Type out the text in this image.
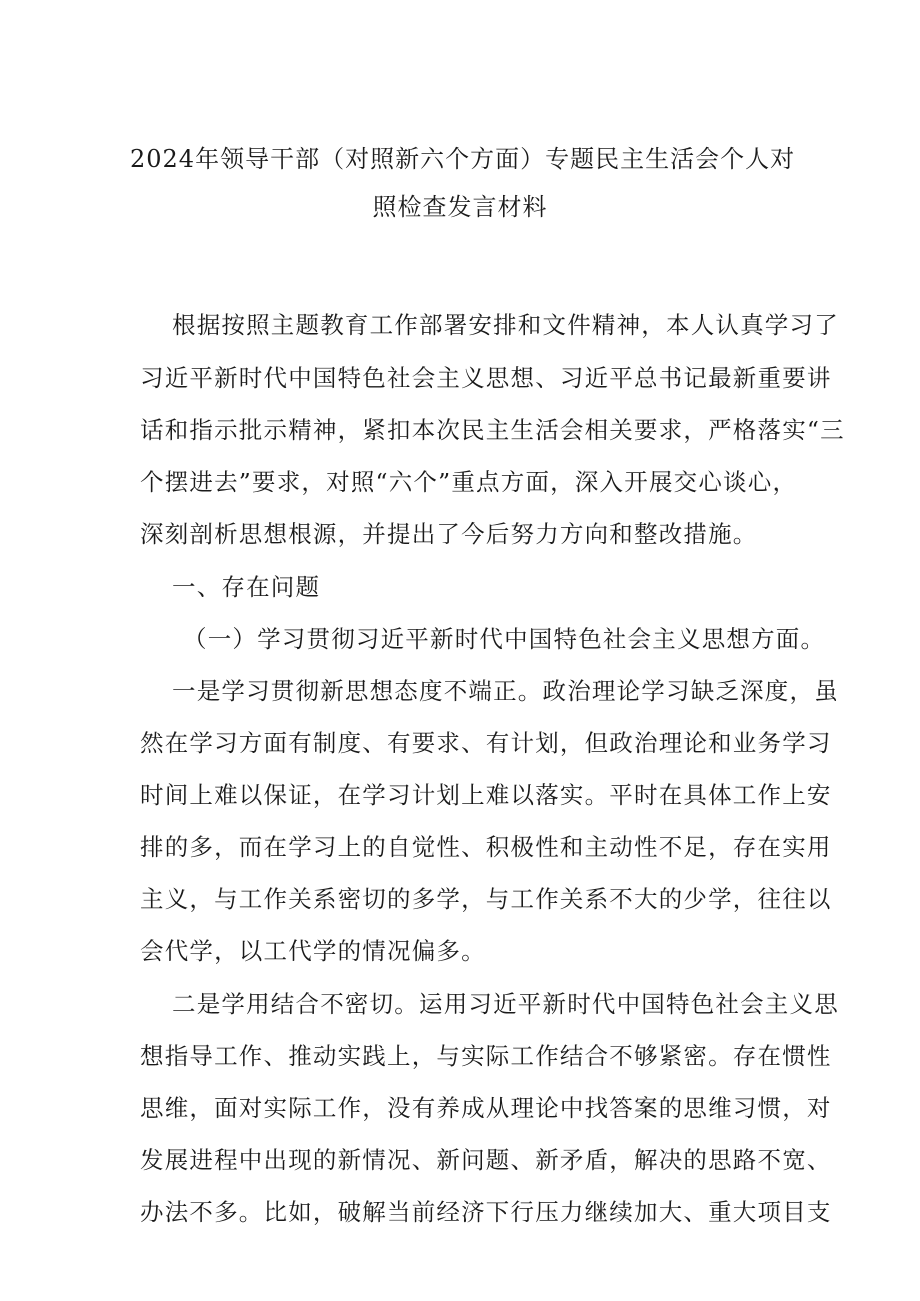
2024年领导干部（对照新六个方面）专题民主生活会个人对
照检查发言材料
根据按照主题教育工作部署安排和文件精神，本人认真学习了
习近平新时代中国特色社会主义思想、习近平总书记最新重要讲
话和指示批示精神，紧扣本次民主生活会相关要求，严格落实“三
个摆进去”要求，对照“六个”重点方面，深入开展交心谈心，
深刻剖析思想根源，并提出了今后努力方向和整改措施。
一、存在问题
（一）学习贯彻习近平新时代中国特色社会主义思想方面。
一是学习贯彻新思想态度不端正。政治理论学习缺乏深度，虽
然在学习方面有制度、有要求、有计划，但政治理论和业务学习
时间上难以保证，在学习计划上难以落实。平时在具体工作上安
排的多，而在学习上的自觉性、积极性和主动性不足，存在实用
主义，与工作关系密切的多学，与工作关系不大的少学，往往以
会代学，以工代学的情况偏多。
二是学用结合不密切。运用习近平新时代中国特色社会主义思
想指导工作、推动实践上，与实际工作结合不够紧密。存在惯性
思维，面对实际工作，没有养成从理论中找答案的思维习惯，对
发展进程中出现的新情况、新问题、新矛盾，解决的思路不宽、
办法不多。比如，破解当前经济下行压力继续加大、重大项目支
